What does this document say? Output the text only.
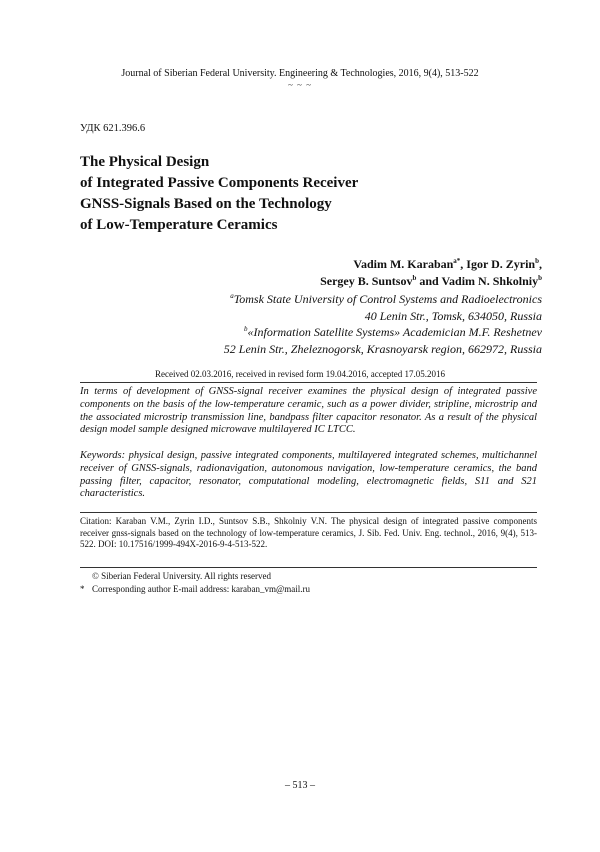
Journal of Siberian Federal University. Engineering & Technologies, 2016, 9(4), 513-522
~ ~ ~
УДК 621.396.6
The Physical Design
of Integrated Passive Components Receiver
GNSS-Signals Based on the Technology
of Low-Temperature Ceramics
Vadim M. Karaban$^{a*}$, Igor D. Zyrin$^b$,
Sergey B. Suntsov$^b$ and Vadim N. Shkolniy$^b$
$^a$Tomsk State University of Control Systems and Radioelectronics
40 Lenin Str., Tomsk, 634050, Russia
$^b$«Information Satellite Systems» Academician M.F. Reshetnev
52 Lenin Str., Zheleznogorsk, Krasnoyarsk region, 662972, Russia
Received 02.03.2016, received in revised form 19.04.2016, accepted 17.05.2016
In terms of development of GNSS-signal receiver examines the physical design of integrated passive components on the basis of the low-temperature ceramic, such as a power divider, stripline, microstrip and the associated microstrip transmission line, bandpass filter capacitor resonator. As a result of the physical design model sample designed microwave multilayered IC LTCC.
Keywords: physical design, passive integrated components, multilayered integrated schemes, multichannel receiver of GNSS-signals, radionavigation, autonomous navigation, low-temperature ceramics, the band passing filter, capacitor, resonator, computational modeling, electromagnetic fields, S11 and S21 characteristics.
Citation: Karaban V.M., Zyrin I.D., Suntsov S.B., Shkolniy V.N. The physical design of integrated passive components receiver gnss-signals based on the technology of low-temperature ceramics, J. Sib. Fed. Univ. Eng. technol., 2016, 9(4), 513-522. DOI: 10.17516/1999-494X-2016-9-4-513-522.
© Siberian Federal University. All rights reserved
* Corresponding author E-mail address: karaban_vm@mail.ru
– 513 –
